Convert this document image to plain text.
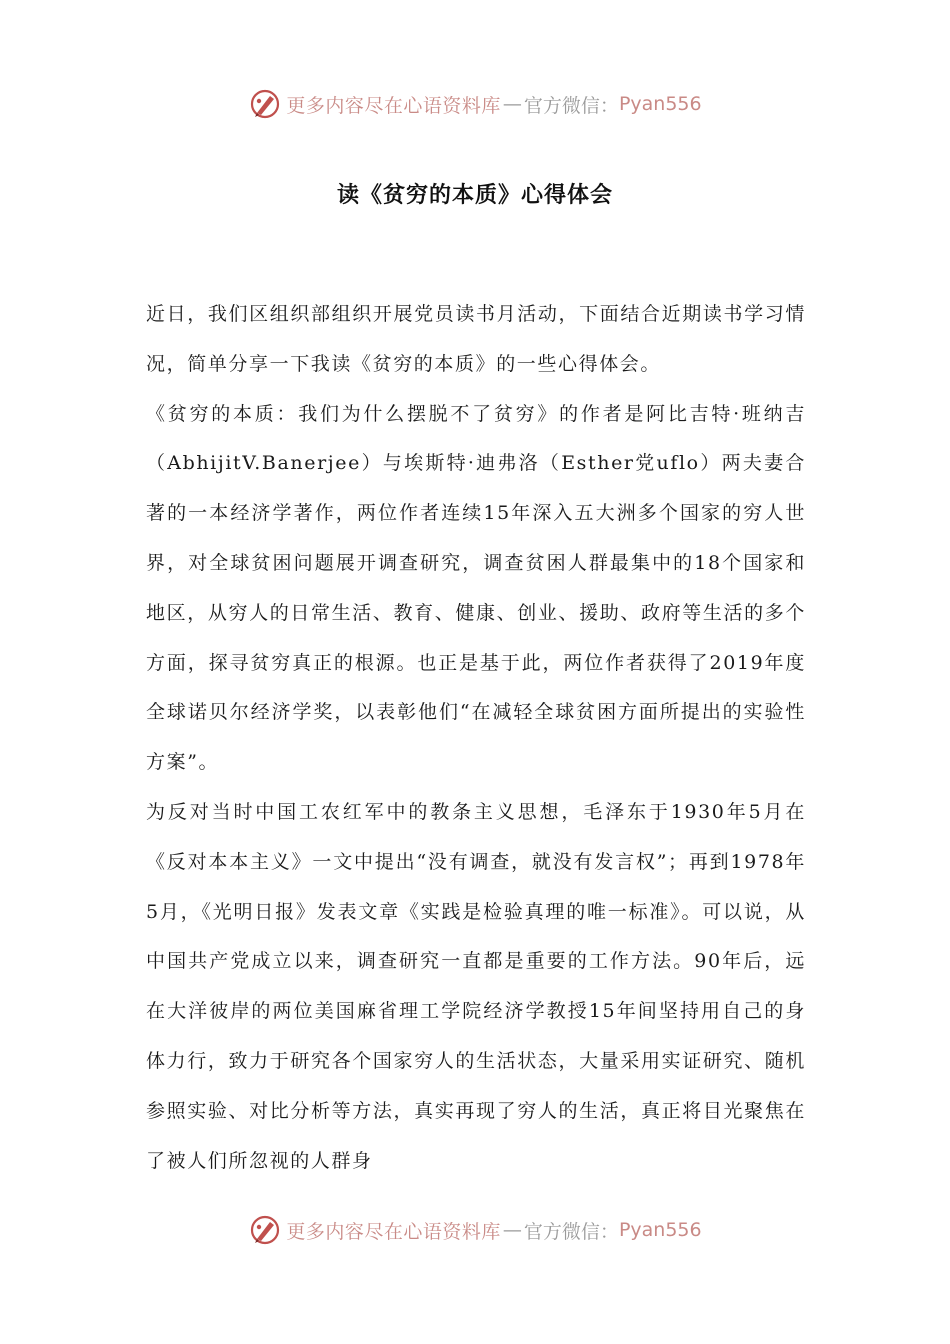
更多内容尽在心语资料库 — 官方微信： Pyan556
读《贫穷的本质》心得体会

近日，我们区组织部组织开展党员读书月活动，下面结合近期读书学习情况，简单分享一下我读《贫穷的本质》的一些心得体会。

《贫穷的本质：我们为什么摆脱不了贫穷》的作者是阿比吉特·班纳吉（AbhijitV.Banerjee）与埃斯特·迪弗洛（Esther党uflo）两夫妻合著的一本经济学著作，两位作者连续15年深入五大洲多个国家的穷人世界，对全球贫困问题展开调查研究，调查贫困人群最集中的18个国家和地区，从穷人的日常生活、教育、健康、创业、援助、政府等生活的多个方面，探寻贫穷真正的根源。也正是基于此，两位作者获得了2019年度全球诺贝尔经济学奖，以表彰他们“在减轻全球贫困方面所提出的实验性方案”。

为反对当时中国工农红军中的教条主义思想，毛泽东于1930年5月在《反对本本主义》一文中提出“没有调查，就没有发言权”；再到1978年5月，《光明日报》发表文章《实践是检验真理的唯一标准》。可以说，从中国共产党成立以来，调查研究一直都是重要的工作方法。90年后，远在大洋彼岸的两位美国麻省理工学院经济学教授15年间坚持用自己的身体力行，致力于研究各个国家穷人的生活状态，大量采用实证研究、随机参照实验、对比分析等方法，真实再现了穷人的生活，真正将目光聚焦在了被人们所忽视的人群身

更多内容尽在心语资料库 — 官方微信： Pyan556
